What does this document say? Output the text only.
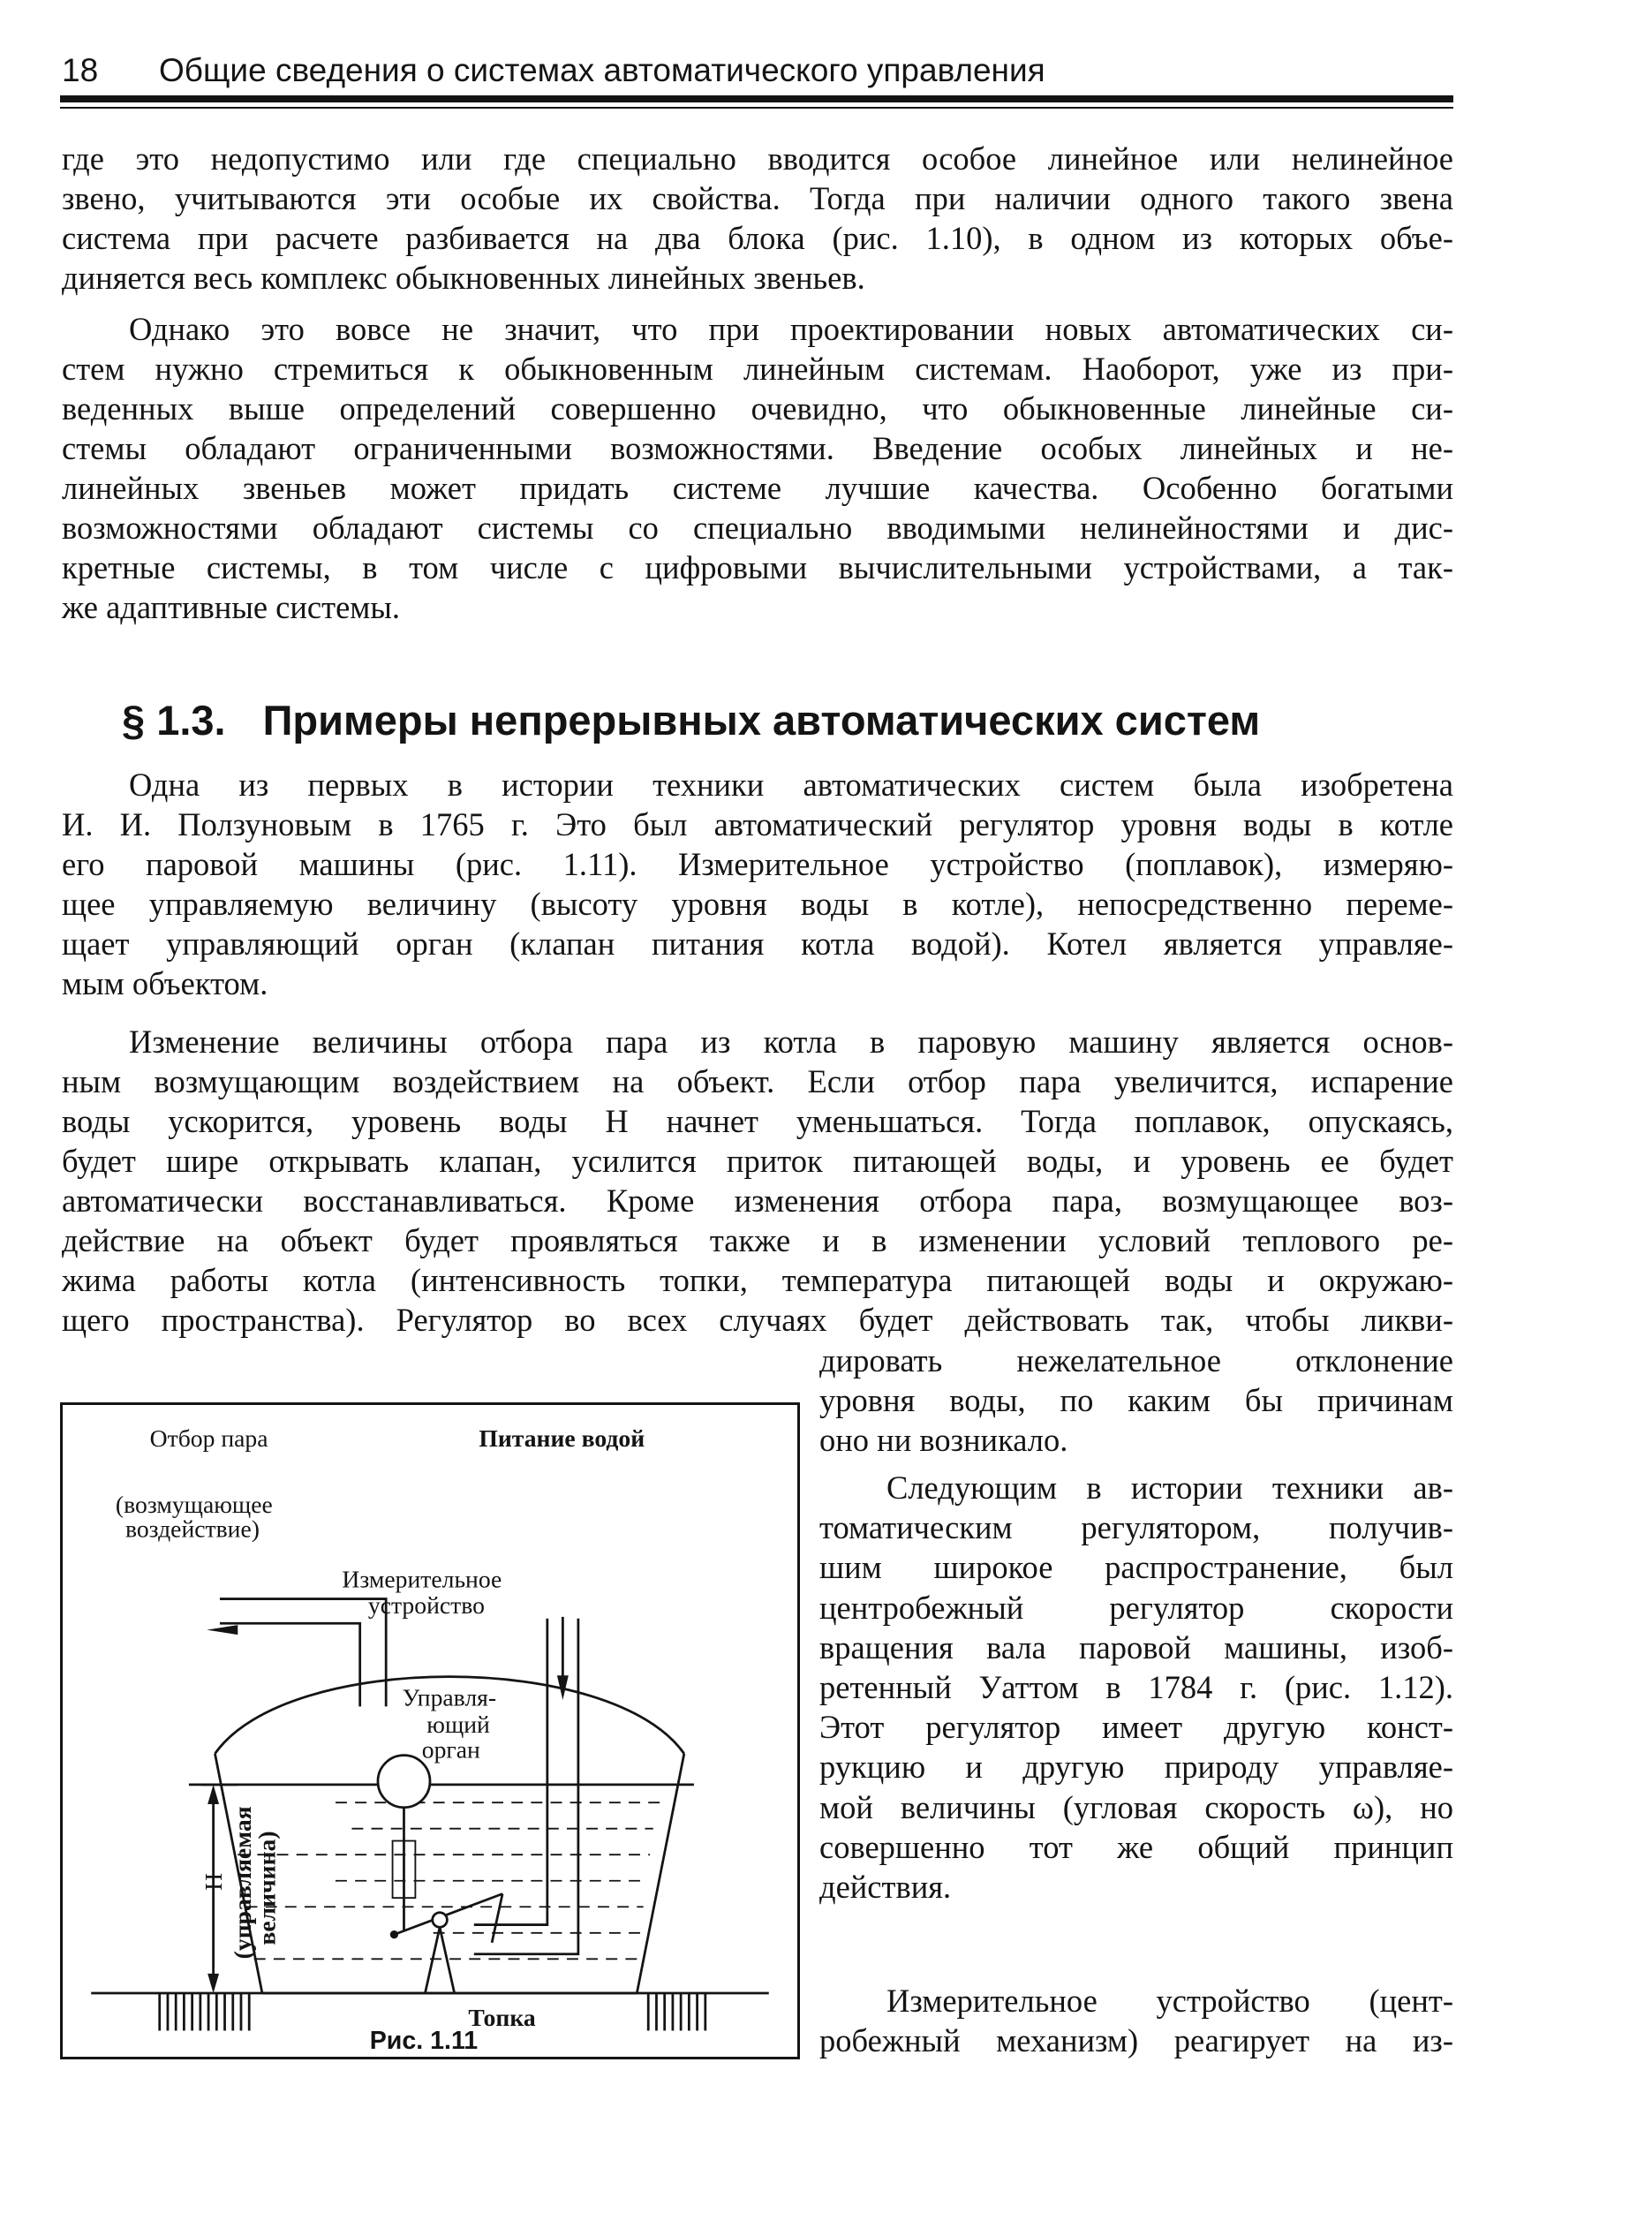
18 Общие сведения о системах автоматического управления

где это недопустимо или где специально вводится особое линейное или нелинейное
звено, учитываются эти особые их свойства. Тогда при наличии одного такого звена
система при расчете разбивается на два блока (рис. 1.10), в одном из которых объе-
диняется весь комплекс обыкновенных линейных звеньев.

Однако это вовсе не значит, что при проектировании новых автоматических си-
стем нужно стремиться к обыкновенным линейным системам. Наоборот, уже из при-
веденных выше определений совершенно очевидно, что обыкновенные линейные си-
стемы обладают ограниченными возможностями. Введение особых линейных и не-
линейных звеньев может придать системе лучшие качества. Особенно богатыми
возможностями обладают системы со специально вводимыми нелинейностями и дис-
кретные системы, в том числе с цифровыми вычислительными устройствами, а так-
же адаптивные системы.

§ 1.3. Примеры непрерывных автоматических систем

Одна из первых в истории техники автоматических систем была изобретена
И. И. Ползуновым в 1765 г. Это был автоматический регулятор уровня воды в котле
его паровой машины (рис. 1.11). Измерительное устройство (поплавок), измеряю-
щее управляемую величину (высоту уровня воды в котле), непосредственно переме-
щает управляющий орган (клапан питания котла водой). Котел является управляе-
мым объектом.

Изменение величины отбора пара из котла в паровую машину является основ-
ным возмущающим воздействием на объект. Если отбор пара увеличится, испарение
воды ускорится, уровень воды H начнет уменьшаться. Тогда поплавок, опускаясь,
будет шире открывать клапан, усилится приток питающей воды, и уровень ее будет
автоматически восстанавливаться. Кроме изменения отбора пара, возмущающее воз-
действие на объект будет проявляться также и в изменении условий теплового ре-
жима работы котла (интенсивность топки, температура питающей воды и окружаю-
щего пространства). Регулятор во всех случаях будет действовать так, чтобы ликви-

дировать нежелательное отклонение
уровня воды, по каким бы причинам
оно ни возникало.

Следующим в истории техники ав-
томатическим регулятором, получив-
шим широкое распространение, был
центробежный регулятор скорости
вращения вала паровой машины, изоб-
ретенный Уаттом в 1784 г. (рис. 1.12).
Этот регулятор имеет другую конст-
рукцию и другую природу управляе-
мой величины (угловая скорость ω), но
совершенно тот же общий принцип
действия.

Измерительное устройство (цент-
робежный механизм) реагирует на из-

Отбор пара
(возмущающее
воздействие)
Питание водой
Измерительное
устройство
Управля-
ющий
орган
H (управляемая
величина)
Топка
Рис. 1.11
